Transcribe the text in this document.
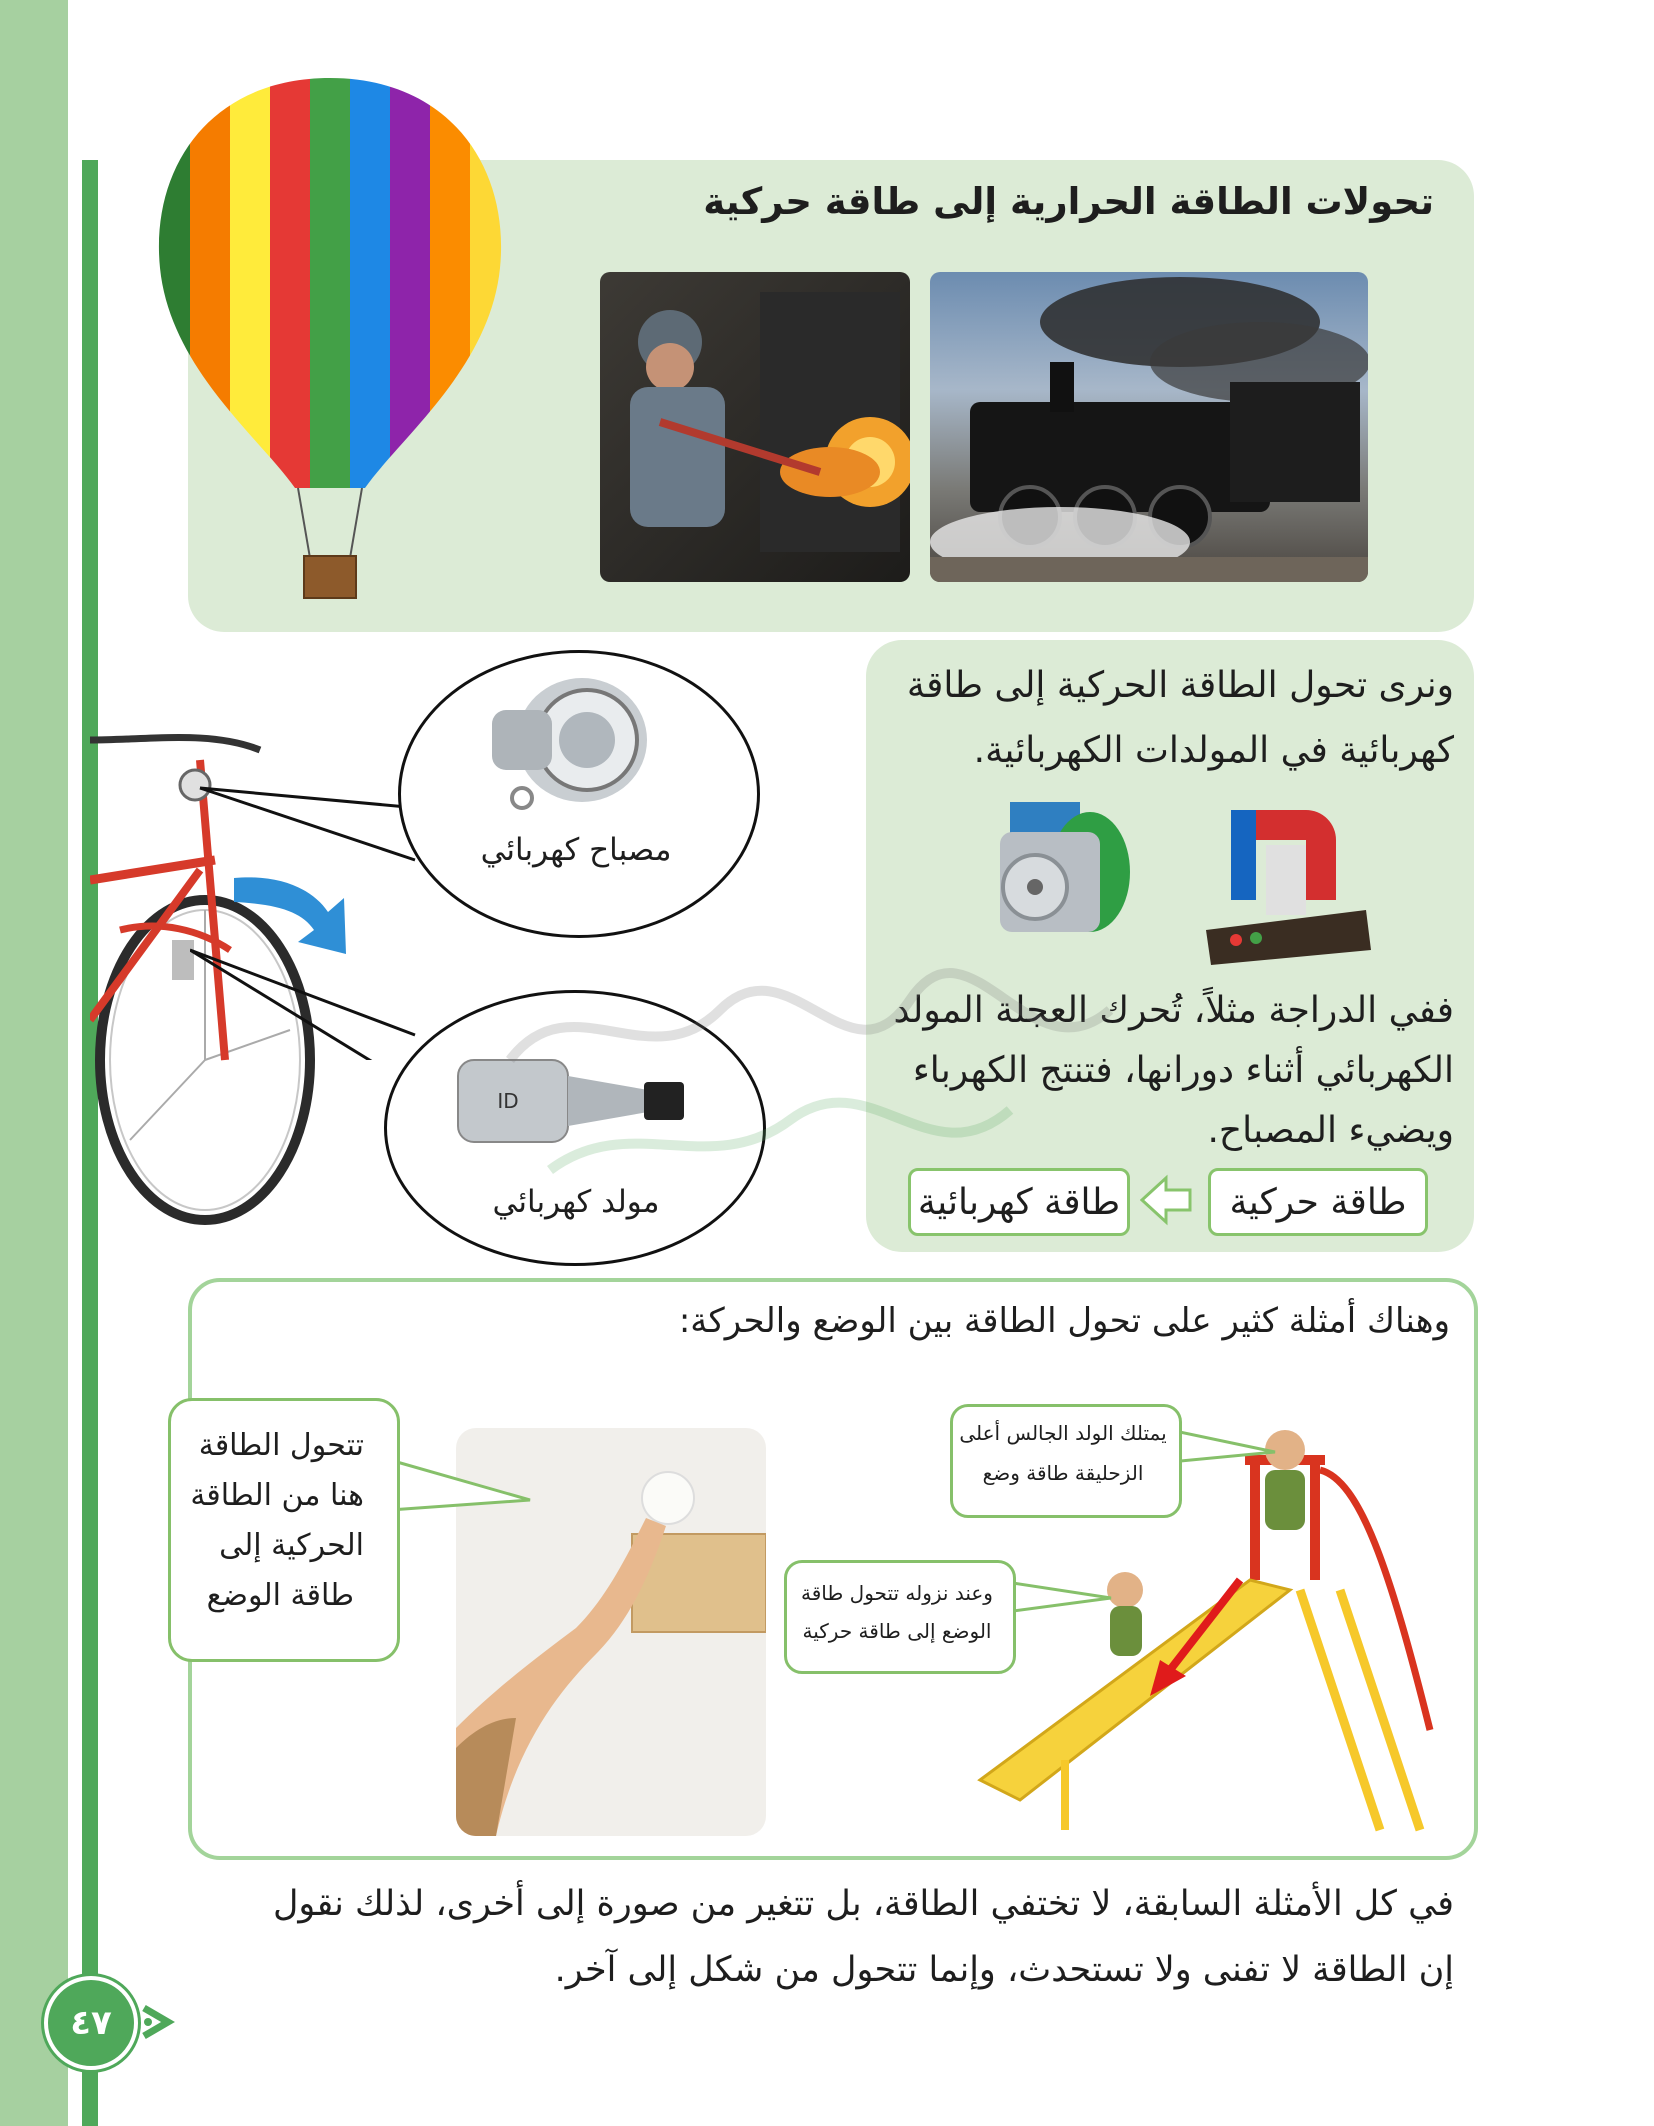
تحولات الطاقة الحرارية إلى طاقة حركية
ونرى تحول الطاقة الحركية إلى طاقة
كهربائية في المولدات الكهربائية.
ففي الدراجة مثلاً، تُحرك العجلة المولد
الكهربائي أثناء دورانها، فتنتج الكهرباء
ويضيء المصباح.
طاقة حركية
طاقة كهربائية
مصباح كهربائي
ID
مولد كهربائي
وهناك أمثلة كثير على تحول الطاقة بين الوضع والحركة:
تتحول الطاقة
هنا من الطاقة
الحركية إلى
طاقة الوضع
يمتلك الولد الجالس أعلى
الزحليقة طاقة وضع
وعند نزوله تتحول طاقة
الوضع إلى طاقة حركية
في كل الأمثلة السابقة، لا تختفي الطاقة، بل تتغير من صورة إلى أخرى، لذلك نقول
إن الطاقة لا تفنى ولا تستحدث، وإنما تتحول من شكل إلى آخر.
٤٧
